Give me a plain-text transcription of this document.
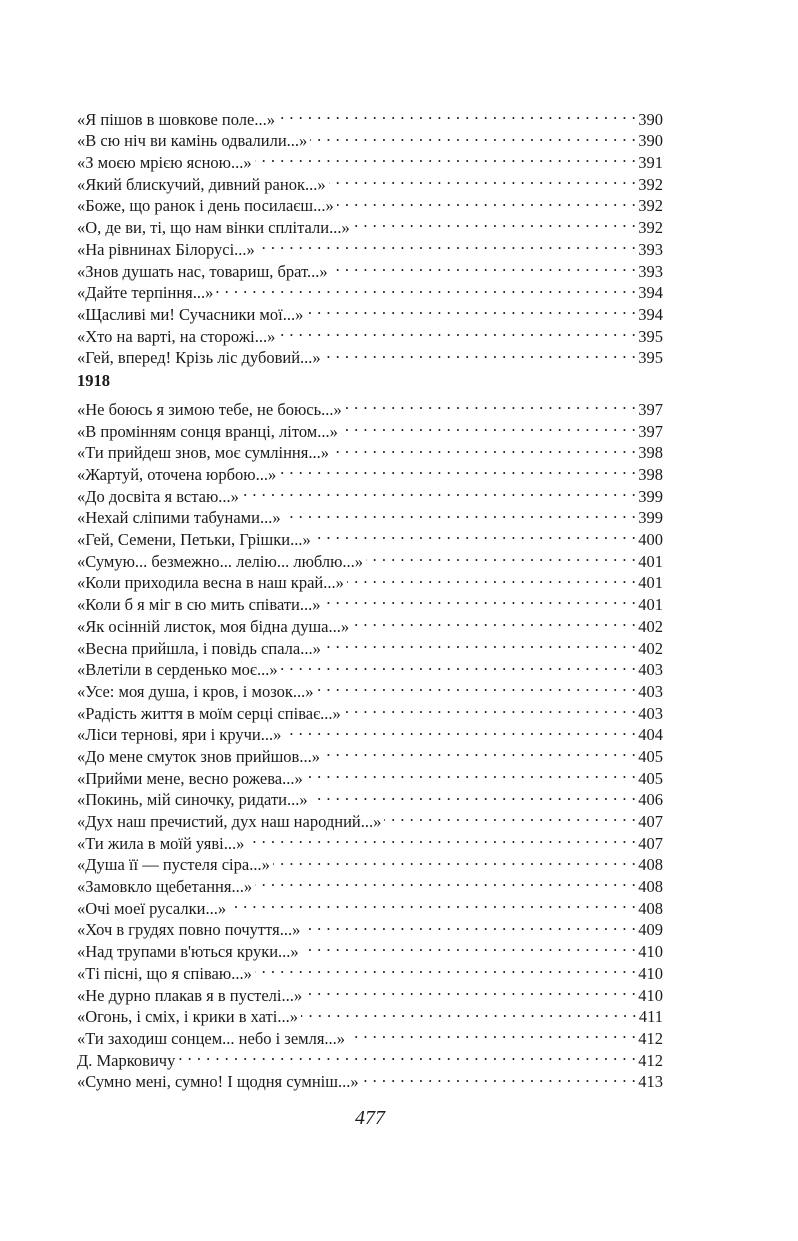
«Я пішов в шовкове поле...» . . .	390
«В сю ніч ви камінь одвалили...» . . .	390
«З моєю мрією ясною...» . . .	391
«Який блискучий, дивний ранок...» . . .	392
«Боже, що ранок і день посилаєш...» . . .	392
«О, де ви, ті, що нам вінки сплітали...» . . .	392
«На рівнинах Білорусі...» . . .	393
«Знов душать нас, товариш, брат...» . . .	393
«Дайте терпіння...» . . .	394
«Щасливі ми! Сучасники мої...» . . .	394
«Хто на варті, на сторожі...» . . .	395
«Гей, вперед! Крізь ліс дубовий...» . . .	395
1918
«Не боюсь я зимою тебе, не боюсь...» . . .	397
«В промінням сонця вранці, літом...» . . .	397
«Ти прийдеш знов, моє сумління...» . . .	398
«Жартуй, оточена юрбою...» . . .	398
«До досвіта я встаю...» . . .	399
«Нехай сліпими табунами...» . . .	399
«Гей, Семени, Петьки, Грішки...» . . .	400
«Сумую... безмежно... лелію... люблю...» . . .	401
«Коли приходила весна в наш край...» . . .	401
«Коли б я міг в сю мить співати...» . . .	401
«Як осінній листок, моя бідна душа...» . . .	402
«Весна прийшла, і повідь спала...» . . .	402
«Влетіли в серденько моє...» . . .	403
«Усе: моя душа, і кров, і мозок...» . . .	403
«Радість життя в моїм серці співає...» . . .	403
«Ліси тернові, яри і кручи...» . . .	404
«До мене смуток знов прийшов...» . . .	405
«Прийми мене, весно рожева...» . . .	405
«Покинь, мій синочку, ридати...» . . .	406
«Дух наш пречистий, дух наш народний...» . . .	407
«Ти жила в моїй уяві...» . . .	407
«Душа її — пустеля сіра...» . . .	408
«Замовкло щебетання...» . . .	408
«Очі моеї русалки...» . . .	408
«Хоч в грудях повно почуття...» . . .	409
«Над трупами в'ються круки...» . . .	410
«Ті пісні, що я співаю...» . . .	410
«Не дурно плакав я в пустелі...» . . .	410
«Огонь, і сміх, і крики в хаті...» . . .	411
«Ти заходиш сонцем... небо і земля...» . . .	412
Д. Марковичу . . .	412
«Сумно мені, сумно! І щодня сумніш...» . . .	413
477
